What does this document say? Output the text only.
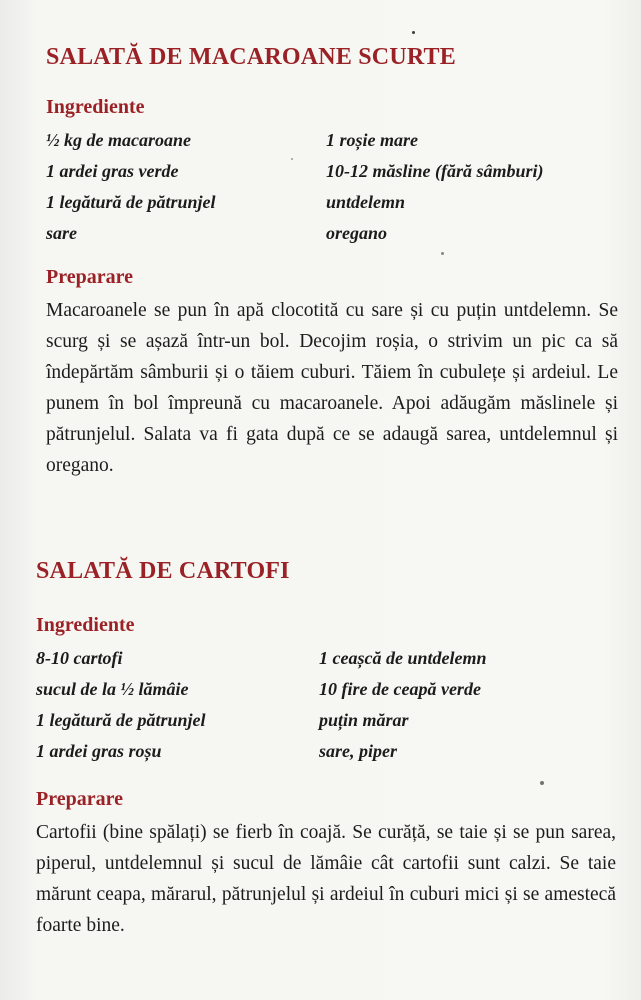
SALATĂ DE MACAROANE SCURTE
Ingrediente
½ kg de macaroane
1 ardei gras verde
1 legătură de pătrunjel
sare
1 roșie mare
10-12 măsline (fără sâmburi)
untdelemn
oregano
Preparare

Macaroanele se pun în apă clocotită cu sare și cu puțin untdelemn. Se scurg și se așază într-un bol. Decojim roșia, o strivim un pic ca să îndepărtăm sâmburii și o tăiem cuburi. Tăiem în cubulețe și ardeiul. Le punem în bol împreună cu macaroanele. Apoi adăugăm măslinele și pătrunjelul. Salata va fi gata după ce se adaugă sarea, untdelemnul și oregano.

SALATĂ DE CARTOFI
Ingrediente
8-10 cartofi
sucul de la ½ lămâie
1 legătură de pătrunjel
1 ardei gras roșu
1 ceașcă de untdelemn
10 fire de ceapă verde
puțin mărar
sare, piper
Preparare

Cartofii (bine spălați) se fierb în coajă. Se curăță, se taie și se pun sarea, piperul, untdelemnul și sucul de lămâie cât cartofii sunt calzi. Se taie mărunt ceapa, mărarul, pătrunjelul și ardeiul în cuburi mici și se amestecă foarte bine.
